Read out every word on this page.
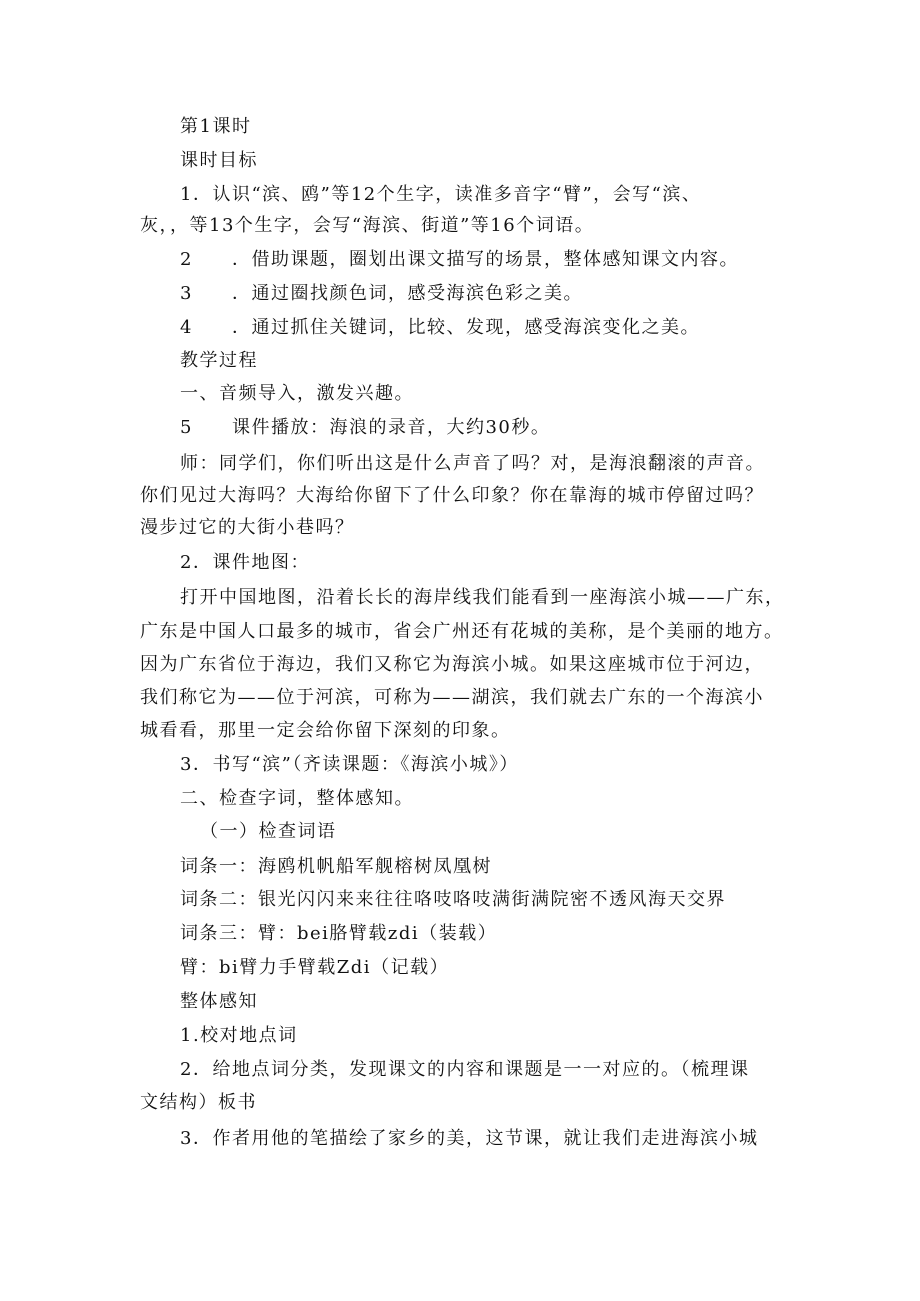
第1课时
课时目标
1．认识“滨、鸥”等12个生字，读准多音字“臂”，会写“滨、
灰，，等13个生字，会写“海滨、街道”等16个词语。
2　　．借助课题，圈划出课文描写的场景，整体感知课文内容。
3　　．通过圈找颜色词，感受海滨色彩之美。
4　　．通过抓住关键词，比较、发现，感受海滨变化之美。
教学过程
一、音频导入，激发兴趣。
5　　课件播放：海浪的录音，大约30秒。
师：同学们，你们听出这是什么声音了吗？对，是海浪翻滚的声音。
你们见过大海吗？大海给你留下了什么印象？你在靠海的城市停留过吗？
漫步过它的大街小巷吗？
2．课件地图：
打开中国地图，沿着长长的海岸线我们能看到一座海滨小城——广东，
广东是中国人口最多的城市，省会广州还有花城的美称，是个美丽的地方。
因为广东省位于海边，我们又称它为海滨小城。如果这座城市位于河边，
我们称它为——位于河滨，可称为——湖滨，我们就去广东的一个海滨小
城看看，那里一定会给你留下深刻的印象。
3．书写“滨”（齐读课题：《海滨小城》）
二、检查字词，整体感知。
（一）检查词语
词条一：海鸥机帆船军舰榕树凤凰树
词条二：银光闪闪来来往往咯吱咯吱满街满院密不透风海天交界
词条三：臂：bei胳臂载zdi（装载）
臂：bi臂力手臂载Zdi（记载）
整体感知
1.校对地点词
2．给地点词分类，发现课文的内容和课题是一一对应的。（梳理课
文结构）板书
3．作者用他的笔描绘了家乡的美，这节课，就让我们走进海滨小城
